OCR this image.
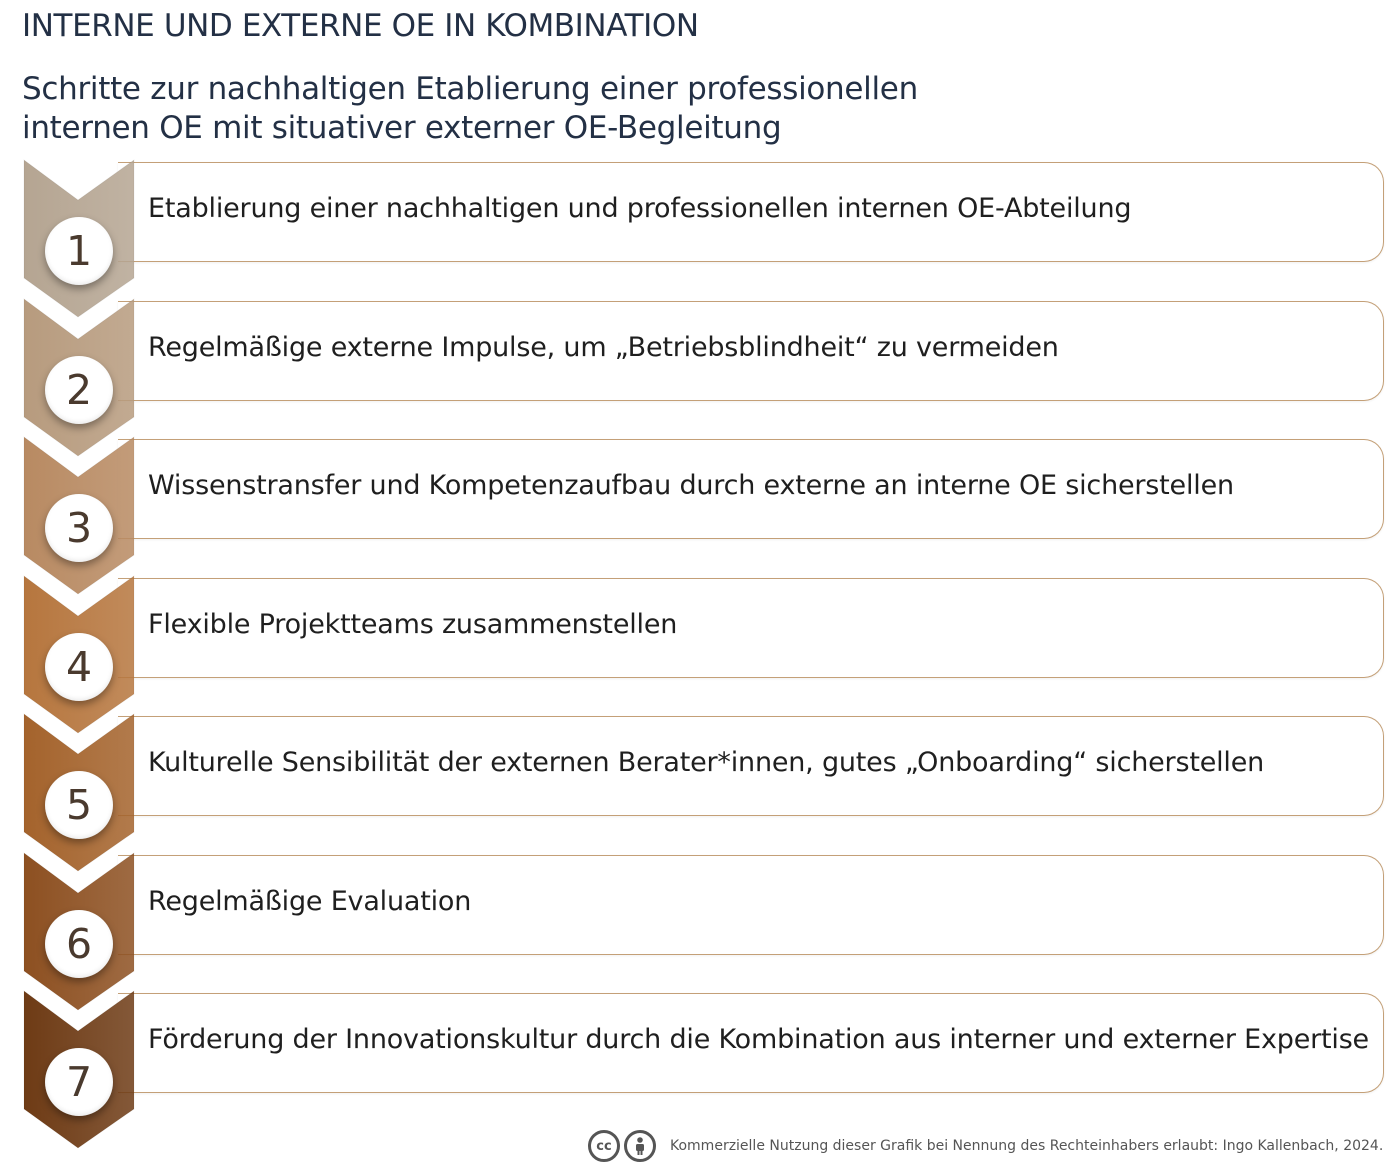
INTERNE UND EXTERNE OE IN KOMBINATION
Schritte zur nachhaltigen Etablierung einer professionellen
internen OE mit situativer externer OE-Begleitung
1
Etablierung einer nachhaltigen und professionellen internen OE-Abteilung
2
Regelmäßige externe Impulse, um „Betriebsblindheit“ zu vermeiden
3
Wissenstransfer und Kompetenzaufbau durch externe an interne OE sicherstellen
4
Flexible Projektteams zusammenstellen
5
Kulturelle Sensibilität der externen Berater*innen, gutes „Onboarding“ sicherstellen
6
Regelmäßige Evaluation
7
Förderung der Innovationskultur durch die Kombination aus interner und externer Expertise
cc	Kommerzielle Nutzung dieser Grafik bei Nennung des Rechteinhabers erlaubt: Ingo Kallenbach, 2024.
